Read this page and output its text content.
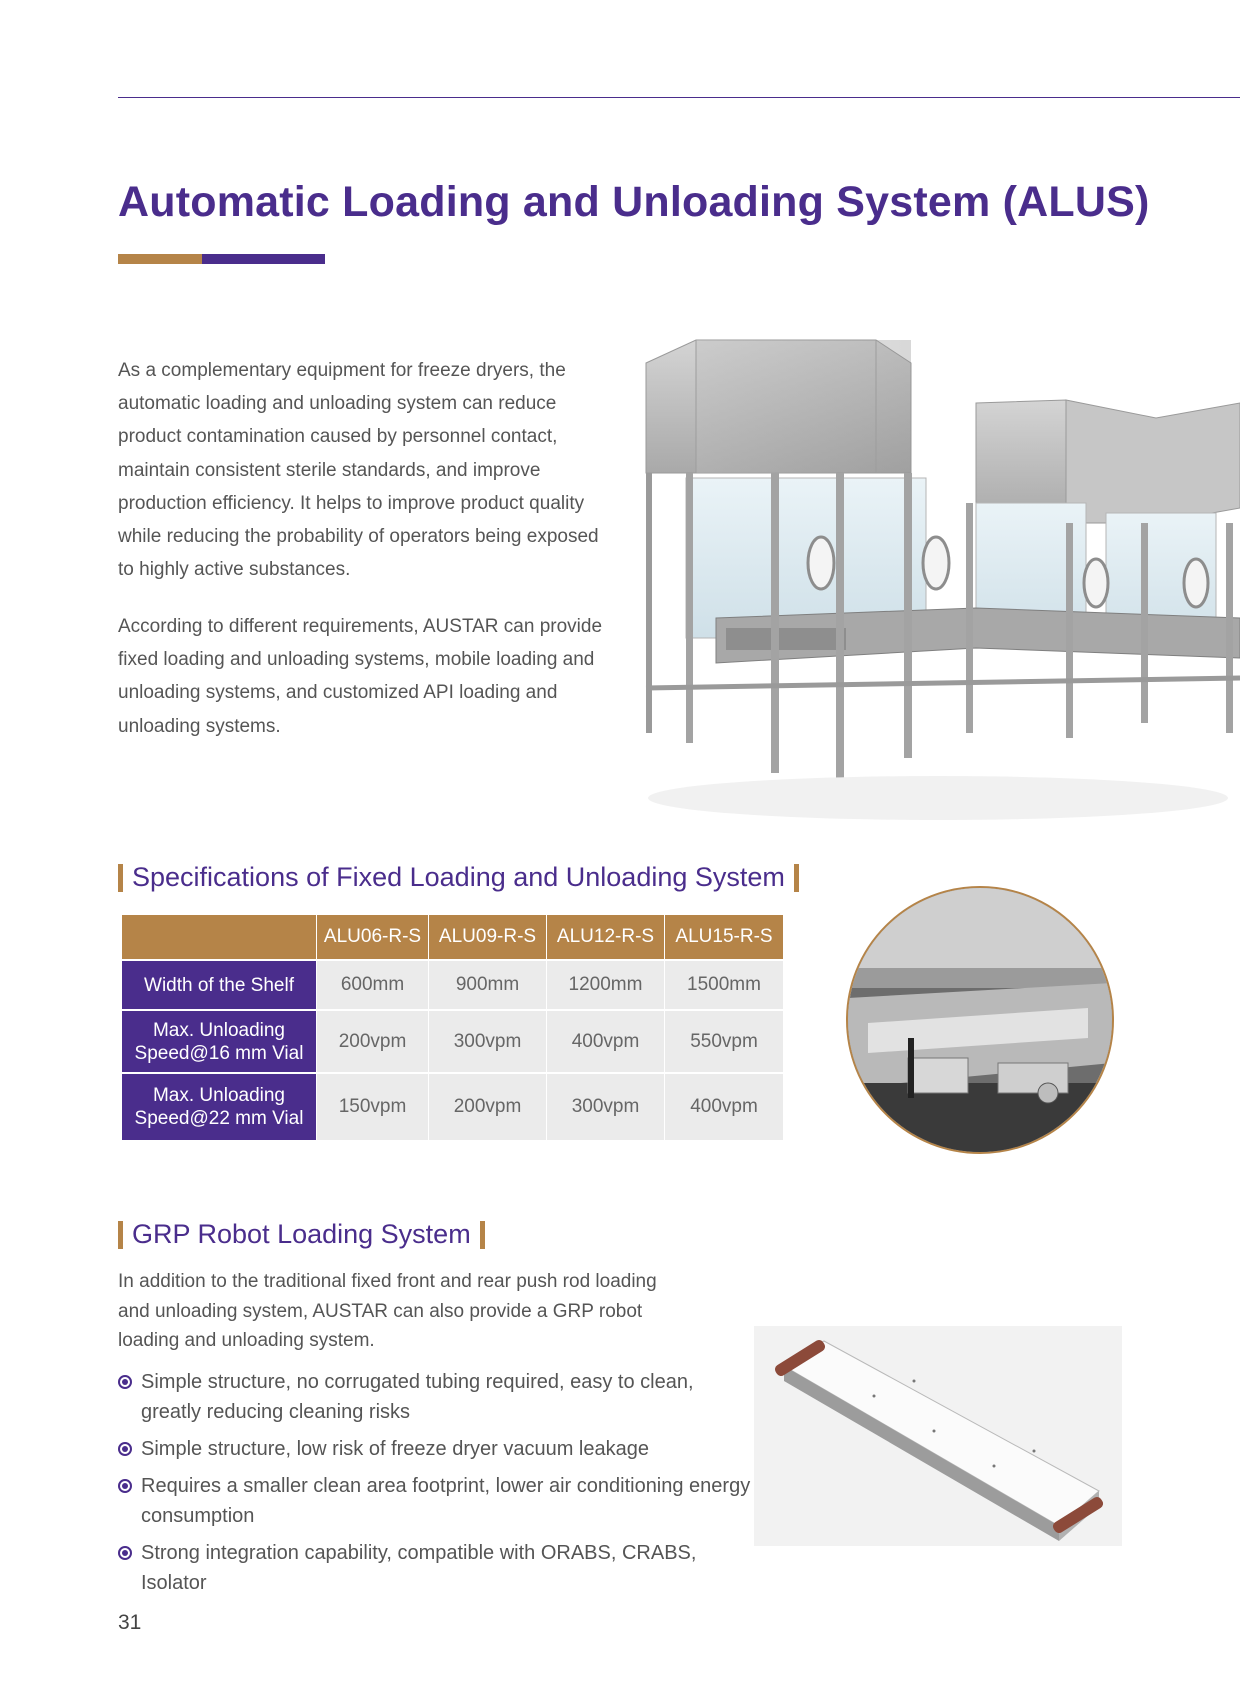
Automatic Loading and Unloading System (ALUS)

As a complementary equipment for freeze dryers, the automatic loading and unloading system can reduce product contamination caused by personnel contact, maintain consistent sterile standards, and improve production efficiency. It helps to improve product quality while reducing the probability of operators being exposed to highly active substances.

According to different requirements, AUSTAR can provide fixed loading and unloading systems, mobile loading and unloading systems, and customized API loading and unloading systems.

Specifications of Fixed Loading and Unloading System
	ALU06-R-S	ALU09-R-S	ALU12-R-S	ALU15-R-S
Width of the Shelf	600mm	900mm	1200mm	1500mm
Max. Unloading
Speed@16 mm Vial	200vpm	300vpm	400vpm	550vpm
Max. Unloading
Speed@22 mm Vial	150vpm	200vpm	300vpm	400vpm
GRP Robot Loading System

In addition to the traditional fixed front and rear push rod loading and unloading system, AUSTAR can also provide a GRP robot loading and unloading system.

Simple structure, no corrugated tubing required, easy to clean, greatly reducing cleaning risks
Simple structure, low risk of freeze dryer vacuum leakage
Requires a smaller clean area footprint, lower air conditioning energy consumption
Strong integration capability, compatible with ORABS, CRABS, Isolator
31
